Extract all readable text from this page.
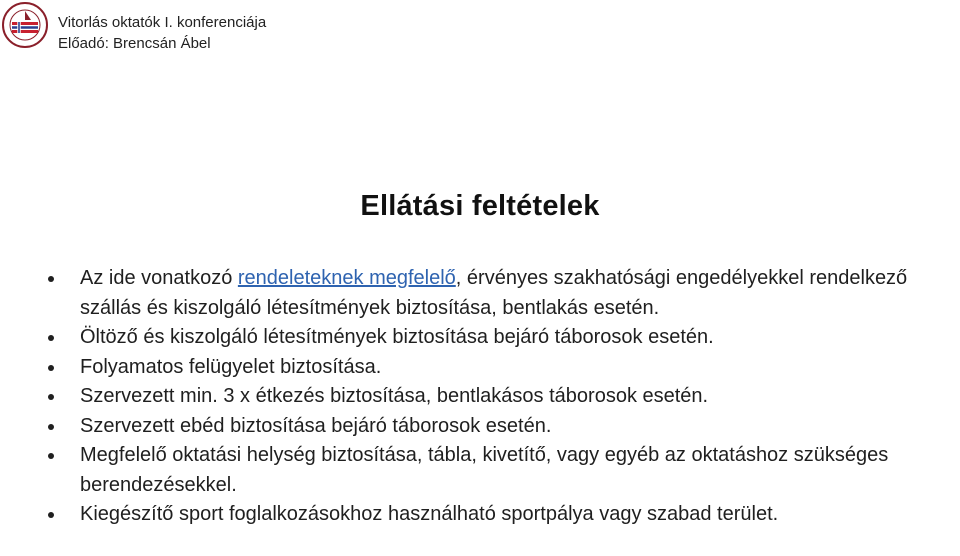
Vitorlás oktatók I. konferenciája
Előadó: Brencsán Ábel
Ellátási feltételek
Az ide vonatkozó rendeleteknek megfelelő, érvényes szakhatósági engedélyekkel rendelkező szállás és kiszolgáló létesítmények biztosítása, bentlakás esetén.
Öltöző és kiszolgáló létesítmények biztosítása bejáró táborosok esetén.
Folyamatos felügyelet biztosítása.
Szervezett min. 3 x étkezés biztosítása, bentlakásos táborosok esetén.
Szervezett ebéd biztosítása bejáró táborosok esetén.
Megfelelő oktatási helység biztosítása, tábla, kivetítő, vagy egyéb az oktatáshoz szükséges berendezésekkel.
Kiegészítő sport foglalkozásokhoz használható sportpálya vagy szabad terület.
